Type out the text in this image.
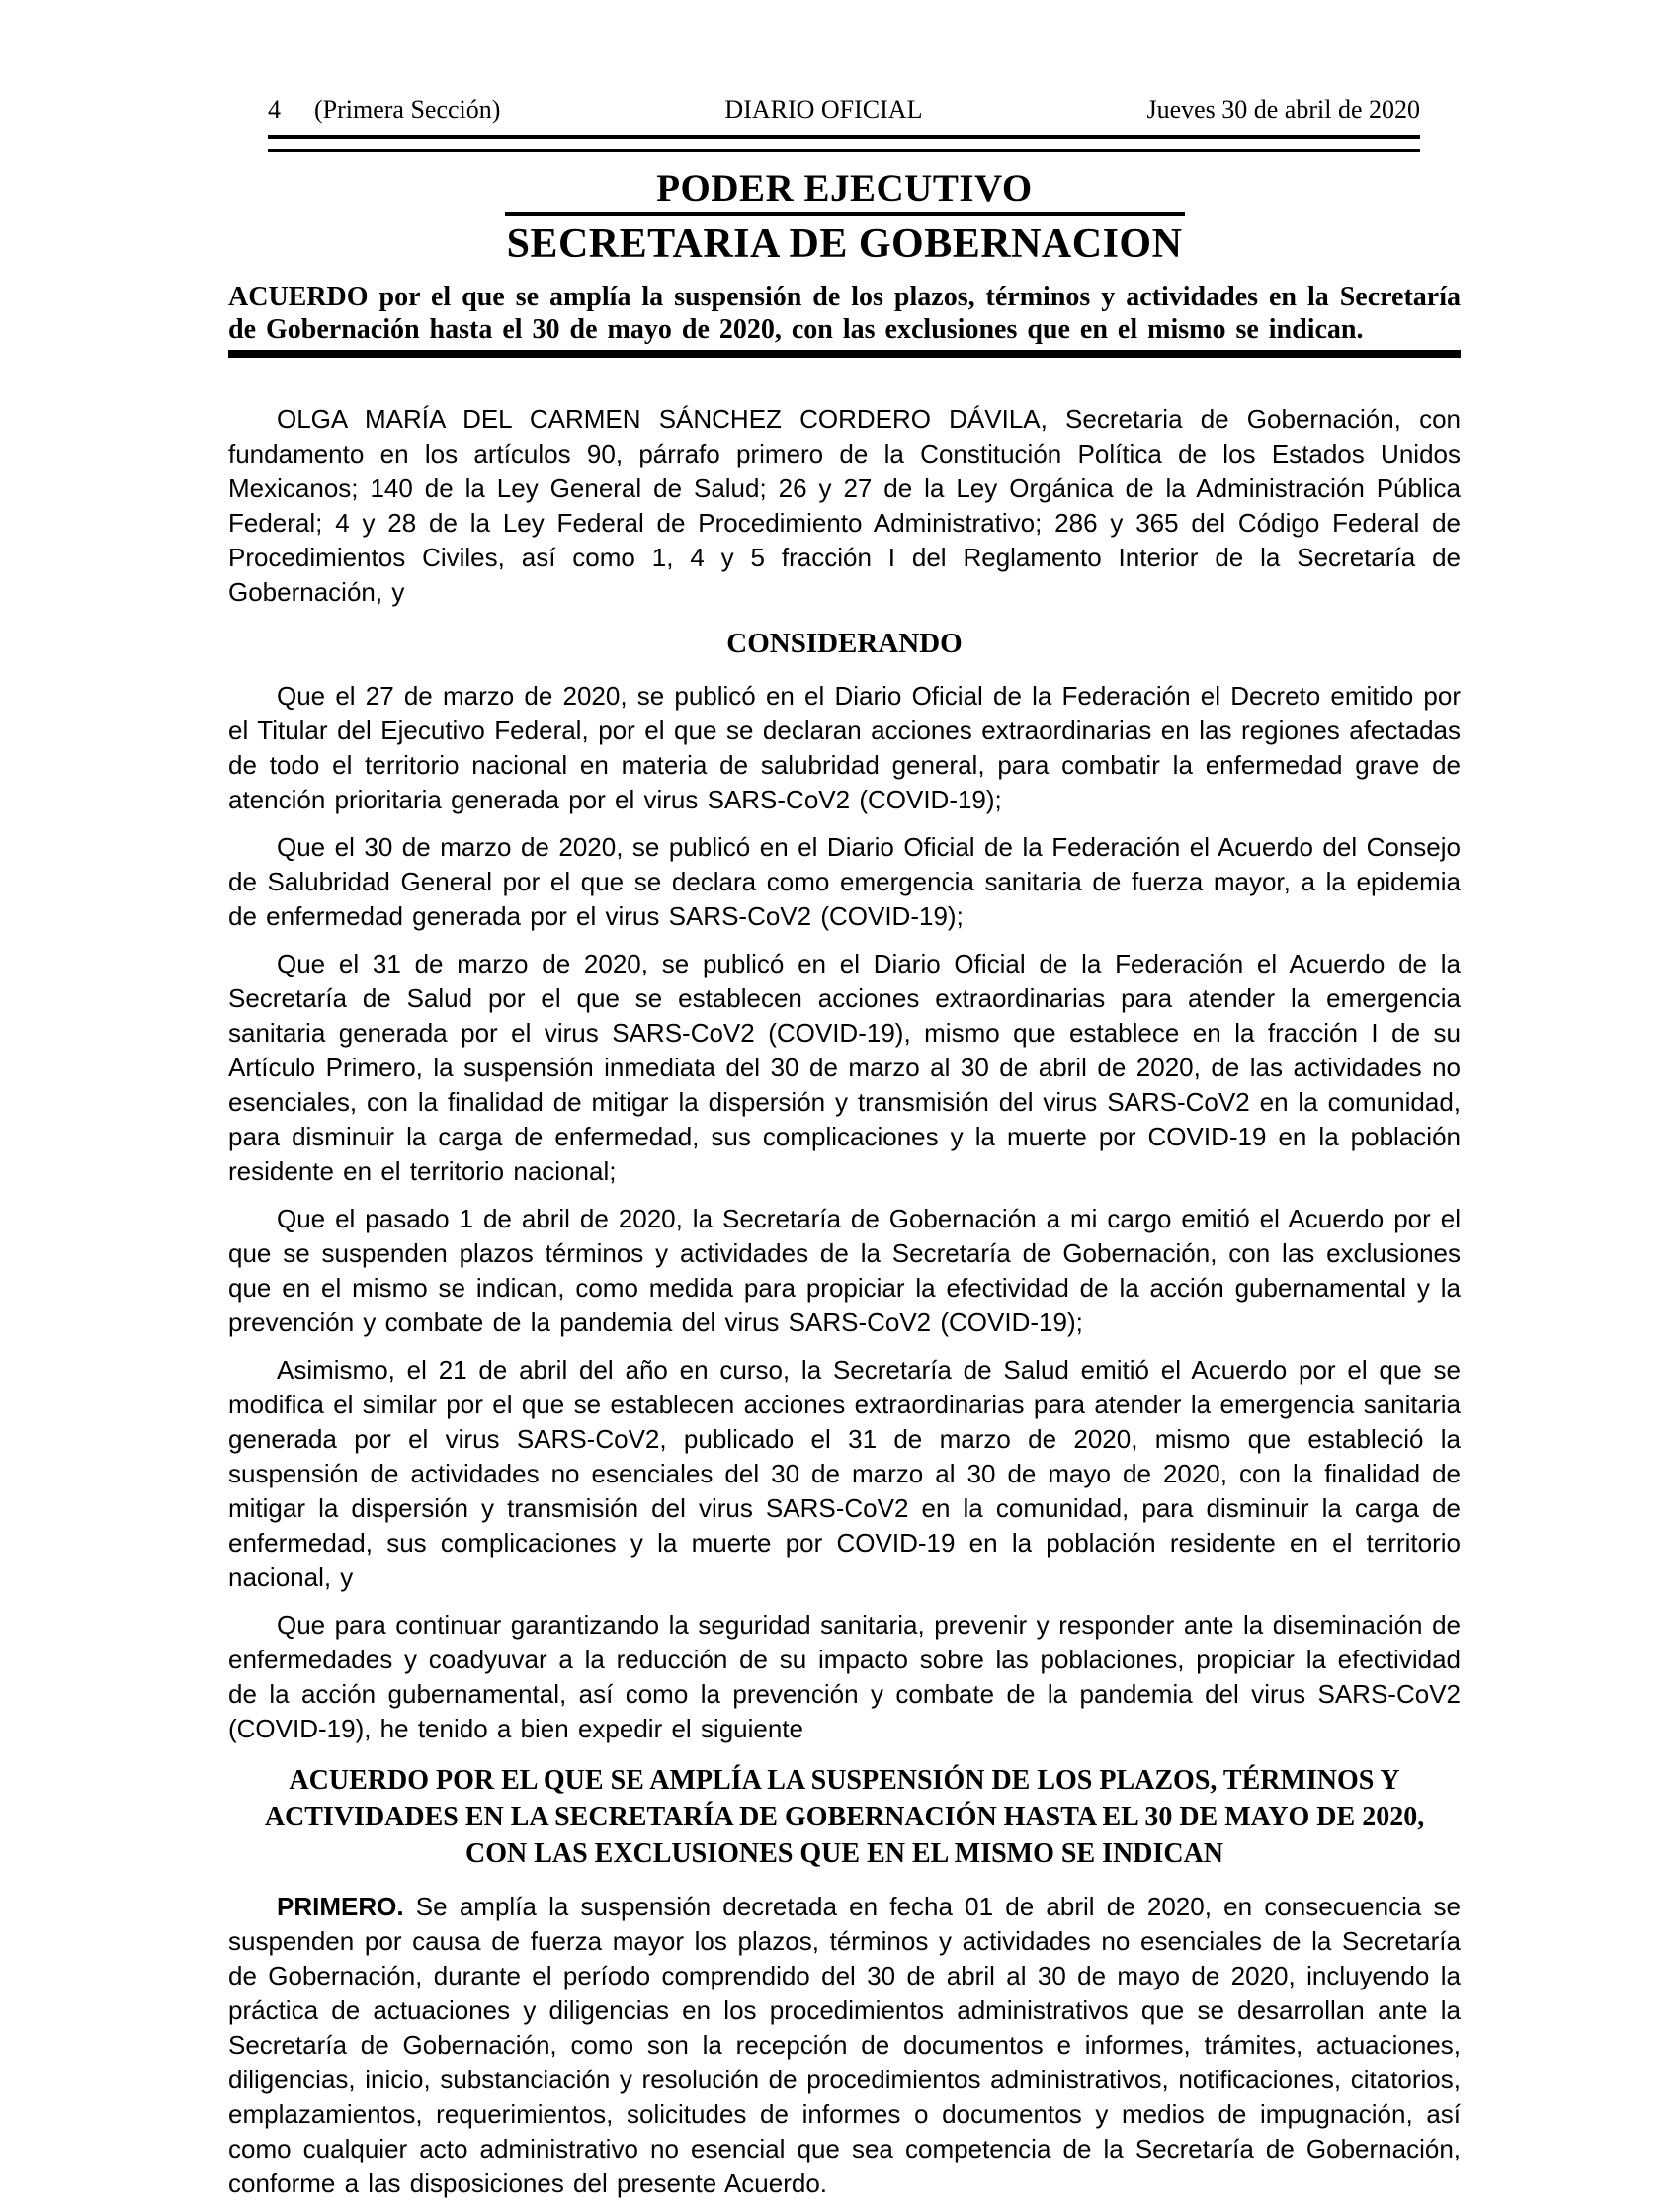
4 (Primera Sección)	DIARIO OFICIAL	Jueves 30 de abril de 2020
PODER EJECUTIVO
SECRETARIA DE GOBERNACION

ACUERDO por el que se amplía la suspensión de los plazos, términos y actividades en la Secretaría de Gobernación hasta el 30 de mayo de 2020, con las exclusiones que en el mismo se indican.

OLGA MARÍA DEL CARMEN SÁNCHEZ CORDERO DÁVILA, Secretaria de Gobernación, con fundamento en los artículos 90, párrafo primero de la Constitución Política de los Estados Unidos Mexicanos; 140 de la Ley General de Salud; 26 y 27 de la Ley Orgánica de la Administración Pública Federal; 4 y 28 de la Ley Federal de Procedimiento Administrativo; 286 y 365 del Código Federal de Procedimientos Civiles, así como 1, 4 y 5 fracción I del Reglamento Interior de la Secretaría de Gobernación, y

CONSIDERANDO

Que el 27 de marzo de 2020, se publicó en el Diario Oficial de la Federación el Decreto emitido por el Titular del Ejecutivo Federal, por el que se declaran acciones extraordinarias en las regiones afectadas de todo el territorio nacional en materia de salubridad general, para combatir la enfermedad grave de atención prioritaria generada por el virus SARS-CoV2 (COVID-19);

Que el 30 de marzo de 2020, se publicó en el Diario Oficial de la Federación el Acuerdo del Consejo de Salubridad General por el que se declara como emergencia sanitaria de fuerza mayor, a la epidemia de enfermedad generada por el virus SARS-CoV2 (COVID-19);

Que el 31 de marzo de 2020, se publicó en el Diario Oficial de la Federación el Acuerdo de la Secretaría de Salud por el que se establecen acciones extraordinarias para atender la emergencia sanitaria generada por el virus SARS-CoV2 (COVID-19), mismo que establece en la fracción I de su Artículo Primero, la suspensión inmediata del 30 de marzo al 30 de abril de 2020, de las actividades no esenciales, con la finalidad de mitigar la dispersión y transmisión del virus SARS-CoV2 en la comunidad, para disminuir la carga de enfermedad, sus complicaciones y la muerte por COVID-19 en la población residente en el territorio nacional;

Que el pasado 1 de abril de 2020, la Secretaría de Gobernación a mi cargo emitió el Acuerdo por el que se suspenden plazos términos y actividades de la Secretaría de Gobernación, con las exclusiones que en el mismo se indican, como medida para propiciar la efectividad de la acción gubernamental y la prevención y combate de la pandemia del virus SARS-CoV2 (COVID-19);

Asimismo, el 21 de abril del año en curso, la Secretaría de Salud emitió el Acuerdo por el que se modifica el similar por el que se establecen acciones extraordinarias para atender la emergencia sanitaria generada por el virus SARS-CoV2, publicado el 31 de marzo de 2020, mismo que estableció la suspensión de actividades no esenciales del 30 de marzo al 30 de mayo de 2020, con la finalidad de mitigar la dispersión y transmisión del virus SARS-CoV2 en la comunidad, para disminuir la carga de enfermedad, sus complicaciones y la muerte por COVID-19 en la población residente en el territorio nacional, y

Que para continuar garantizando la seguridad sanitaria, prevenir y responder ante la diseminación de enfermedades y coadyuvar a la reducción de su impacto sobre las poblaciones, propiciar la efectividad de la acción gubernamental, así como la prevención y combate de la pandemia del virus SARS-CoV2 (COVID-19), he tenido a bien expedir el siguiente

ACUERDO POR EL QUE SE AMPLÍA LA SUSPENSIÓN DE LOS PLAZOS, TÉRMINOS Y ACTIVIDADES EN LA SECRETARÍA DE GOBERNACIÓN HASTA EL 30 DE MAYO DE 2020, CON LAS EXCLUSIONES QUE EN EL MISMO SE INDICAN

PRIMERO. Se amplía la suspensión decretada en fecha 01 de abril de 2020, en consecuencia se suspenden por causa de fuerza mayor los plazos, términos y actividades no esenciales de la Secretaría de Gobernación, durante el período comprendido del 30 de abril al 30 de mayo de 2020, incluyendo la práctica de actuaciones y diligencias en los procedimientos administrativos que se desarrollan ante la Secretaría de Gobernación, como son la recepción de documentos e informes, trámites, actuaciones, diligencias, inicio, substanciación y resolución de procedimientos administrativos, notificaciones, citatorios, emplazamientos, requerimientos, solicitudes de informes o documentos y medios de impugnación, así como cualquier acto administrativo no esencial que sea competencia de la Secretaría de Gobernación, conforme a las disposiciones del presente Acuerdo.
